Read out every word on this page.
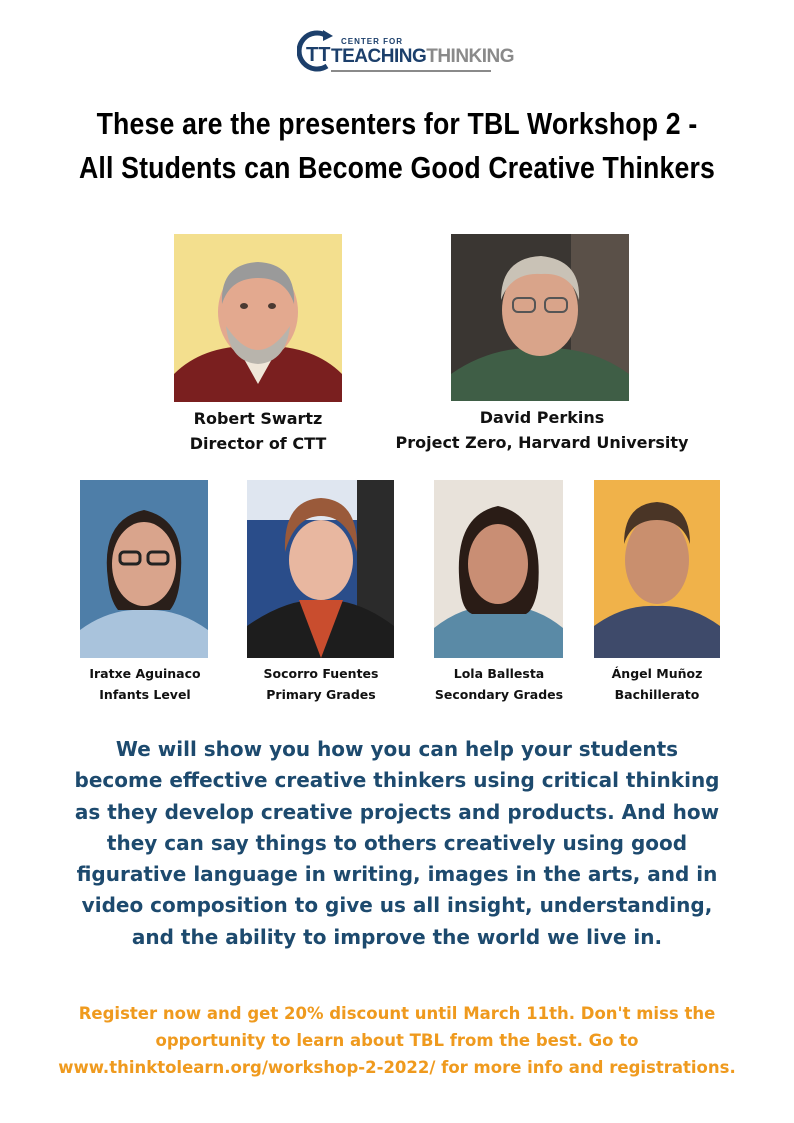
TT
CENTER FOR
TEACHINGTHINKING
These are the presenters for TBL Workshop 2 -
All Students can Become Good Creative Thinkers
Robert Swartz
Director of CTT
David Perkins
Project Zero, Harvard University
Iratxe Aguinaco
Infants Level
Socorro Fuentes
Primary Grades
Lola Ballesta
Secondary Grades
Ángel Muñoz
Bachillerato
We will show you how you can help your students
become effective creative thinkers using critical thinking
as they develop creative projects and products. And how
they can say things to others creatively using good
figurative language in writing, images in the arts, and in
video composition to give us all insight, understanding,
and the ability to improve the world we live in.
Register now and get 20% discount until March 11th. Don't miss the
opportunity to learn about TBL from the best. Go to
www.thinktolearn.org/workshop-2-2022/ for more info and registrations.
